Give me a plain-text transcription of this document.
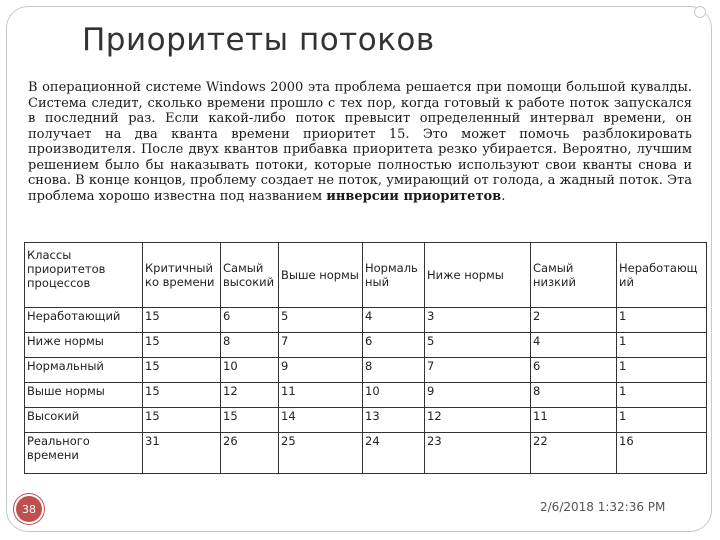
Приоритеты потоков
В операционной системе Windows 2000 эта проблема решается при помощи большой кувалды. Система следит, сколько времени прошло с тех пор, когда готовый к работе поток запускался в последний раз. Если какой-либо поток превысит определенный интервал времени, он получает на два кванта времени приоритет 15. Это может помочь разблокировать производителя. После двух квантов прибавка приоритета резко убирается. Вероятно, лучшим решением было бы наказывать потоки, которые полностью используют свои кванты снова и снова. В конце концов, проблему создает не поток, умирающий от голода, а жадный поток. Эта проблема хорошо известна под названием инверсии приоритетов.
Классы приоритетов процессов	Критичный ко времени	Самый высокий	Выше нормы	Нормаль ный	Ниже нормы	Самый низкий	Неработающ ий
Неработающий	15	6	5	4	3	2	1
Ниже нормы	15	8	7	6	5	4	1
Нормальный	15	10	9	8	7	6	1
Выше нормы	15	12	11	10	9	8	1
Высокий	15	15	14	13	12	11	1
Реального времени	31	26	25	24	23	22	16
38	2/6/2018 1:32:36 PM
